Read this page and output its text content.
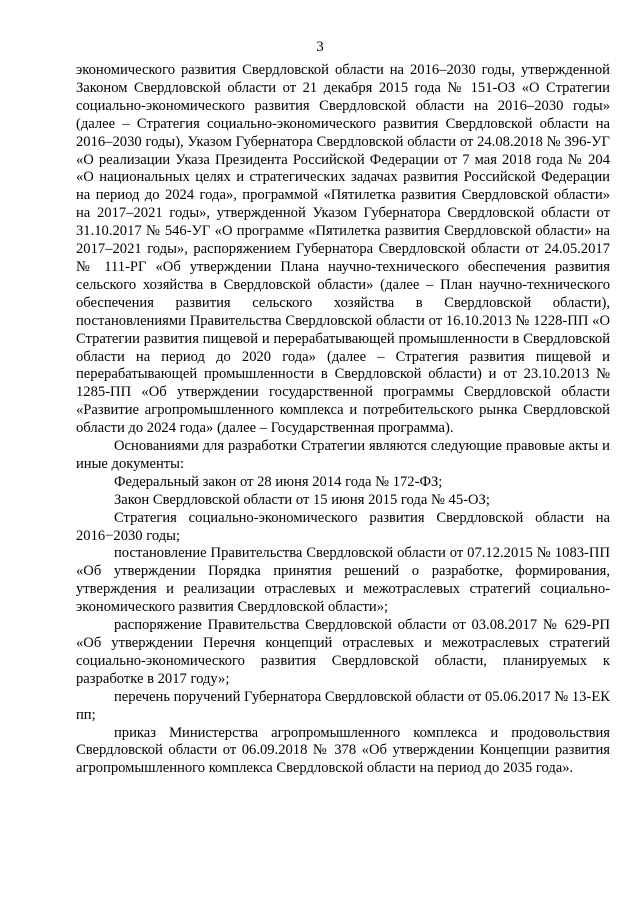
3

экономического развития Свердловской области на 2016–2030 годы, утвержденной Законом Свердловской области от 21 декабря 2015 года № 151-ОЗ «О Стратегии социально-экономического развития Свердловской области на 2016–2030 годы» (далее – Стратегия социально-экономического развития Свердловской области на 2016–2030 годы), Указом Губернатора Свердловской области от 24.08.2018 № 396-УГ «О реализации Указа Президента Российской Федерации от 7 мая 2018 года № 204 «О национальных целях и стратегических задачах развития Российской Федерации на период до 2024 года», программой «Пятилетка развития Свердловской области» на 2017–2021 годы», утвержденной Указом Губернатора Свердловской области от 31.10.2017 № 546-УГ «О программе «Пятилетка развития Свердловской области» на 2017–2021 годы», распоряжением Губернатора Свердловской области от 24.05.2017 № 111-РГ «Об утверждении Плана научно-технического обеспечения развития сельского хозяйства в Свердловской области» (далее – План научно-технического обеспечения развития сельского хозяйства в Свердловской области), постановлениями Правительства Свердловской области от 16.10.2013 № 1228-ПП «О Стратегии развития пищевой и перерабатывающей промышленности в Свердловской области на период до 2020 года» (далее – Стратегия развития пищевой и перерабатывающей промышленности в Свердловской области) и от 23.10.2013 № 1285-ПП «Об утверждении государственной программы Свердловской области «Развитие агропромышленного комплекса и потребительского рынка Свердловской области до 2024 года» (далее – Государственная программа).

Основаниями для разработки Стратегии являются следующие правовые акты и иные документы:

Федеральный закон от 28 июня 2014 года № 172-ФЗ;

Закон Свердловской области от 15 июня 2015 года № 45-ОЗ;

Стратегия социально-экономического развития Свердловской области на 2016−2030 годы;

постановление Правительства Свердловской области от 07.12.2015 № 1083-ПП «Об утверждении Порядка принятия решений о разработке, формирования, утверждения и реализации отраслевых и межотраслевых стратегий социально-экономического развития Свердловской области»;

распоряжение Правительства Свердловской области от 03.08.2017 № 629-РП «Об утверждении Перечня концепций отраслевых и межотраслевых стратегий социально-экономического развития Свердловской области, планируемых к разработке в 2017 году»;

перечень поручений Губернатора Свердловской области от 05.06.2017 № 13-ЕК пп;

приказ Министерства агропромышленного комплекса и продовольствия Свердловской области от 06.09.2018 № 378 «Об утверждении Концепции развития агропромышленного комплекса Свердловской области на период до 2035 года».
